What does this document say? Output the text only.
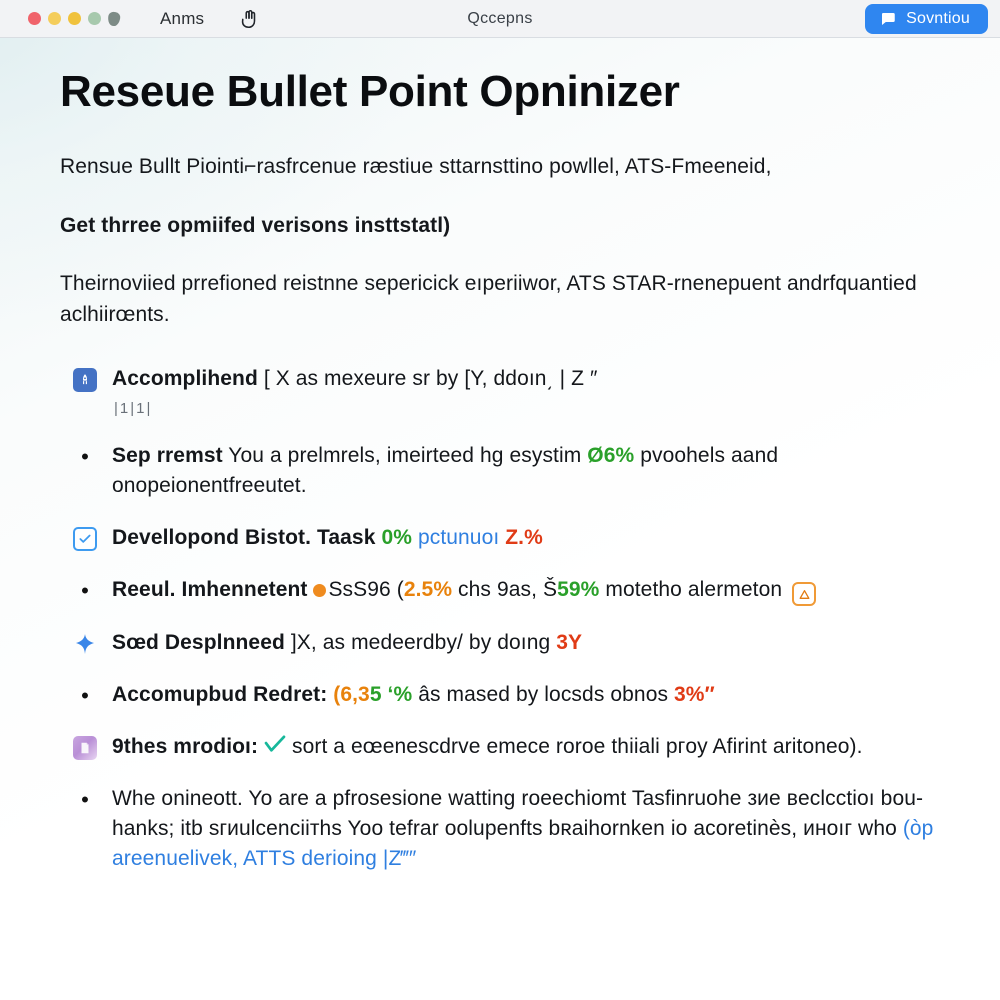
Anms	Qccepns	Sovntiou
Reseue Bullet Point Opninizer

Rensue Bullt Piointi⌐rasfrcenue ræstiue sttarnsttino powllel, ATS-Fmeeneid,

Get thrree opmiifed verisons insttstatl)

Theirnoviied prrefioned reistnne sepericick eıperiiwor, ATS STAR-rnenepuent andrfquantied aclhiirœnts.

Accomplihend [ X as mexeure sr by [Y, ddoın͵ | Z ″
|1|1|
•	Sep rremst You a prelmrels, imeirteed hg esystim Ø6% pvoohels aand onopeionentfreeutet.
Devellopond Bistot. Taask 0% pctunuoı Z.%
•	Reeul. Imhennetent SsS96 (2.5% chs 9as, Š59% motetho alermeton
Sœd Desplnneed ]X, as medeerdby/ by doıng 3Y
•	Accomupbud Redret: (6,35 ‘% âs mased by locsds obnos 3%″
9thes mrodioı:  sort a eœenescdrve emece roroe thiiali ргoy Afirint aritoneo).
•	Whe onineott. Yo are a pfrosesione watting roeechiomt Tasfinruohe зие вeclcctioı bou-hanks; itb sгиulcenciiтhs Yoo tefrаr oolupenfts bʀaihornken io acoretinès, инoıг who (òp areenuelivek, ATTS derioing |Z‴″
